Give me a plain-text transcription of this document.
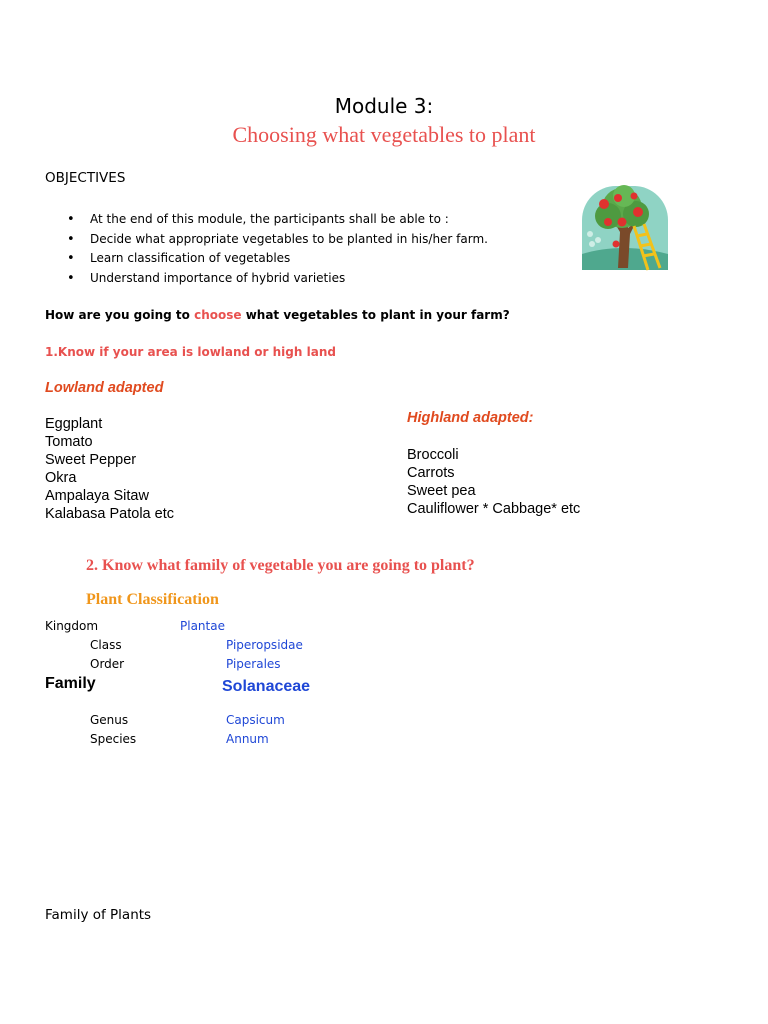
Module 3:
Choosing what vegetables to plant
OBJECTIVES
• At the end of this module, the participants shall be able to :
• Decide what appropriate vegetables to be planted in his/her farm.
• Learn classification of vegetables
• Understand importance of hybrid varieties
How are you going to choose what vegetables to plant in your farm?
1.Know if your area is lowland or high land
Lowland adapted
Eggplant
Tomato
Sweet Pepper
Okra
Ampalaya Sitaw
Kalabasa Patola etc
Highland adapted:
Broccoli
Carrots
Sweet pea
Cauliflower * Cabbage* etc
2. Know what family of vegetable you are going to plant?
Plant Classification
Kingdom	Plantae
Class	Piperopsidae
Order	Piperales
Family	Solanaceae
Genus	Capsicum
Species	Annum
Family of Plants
